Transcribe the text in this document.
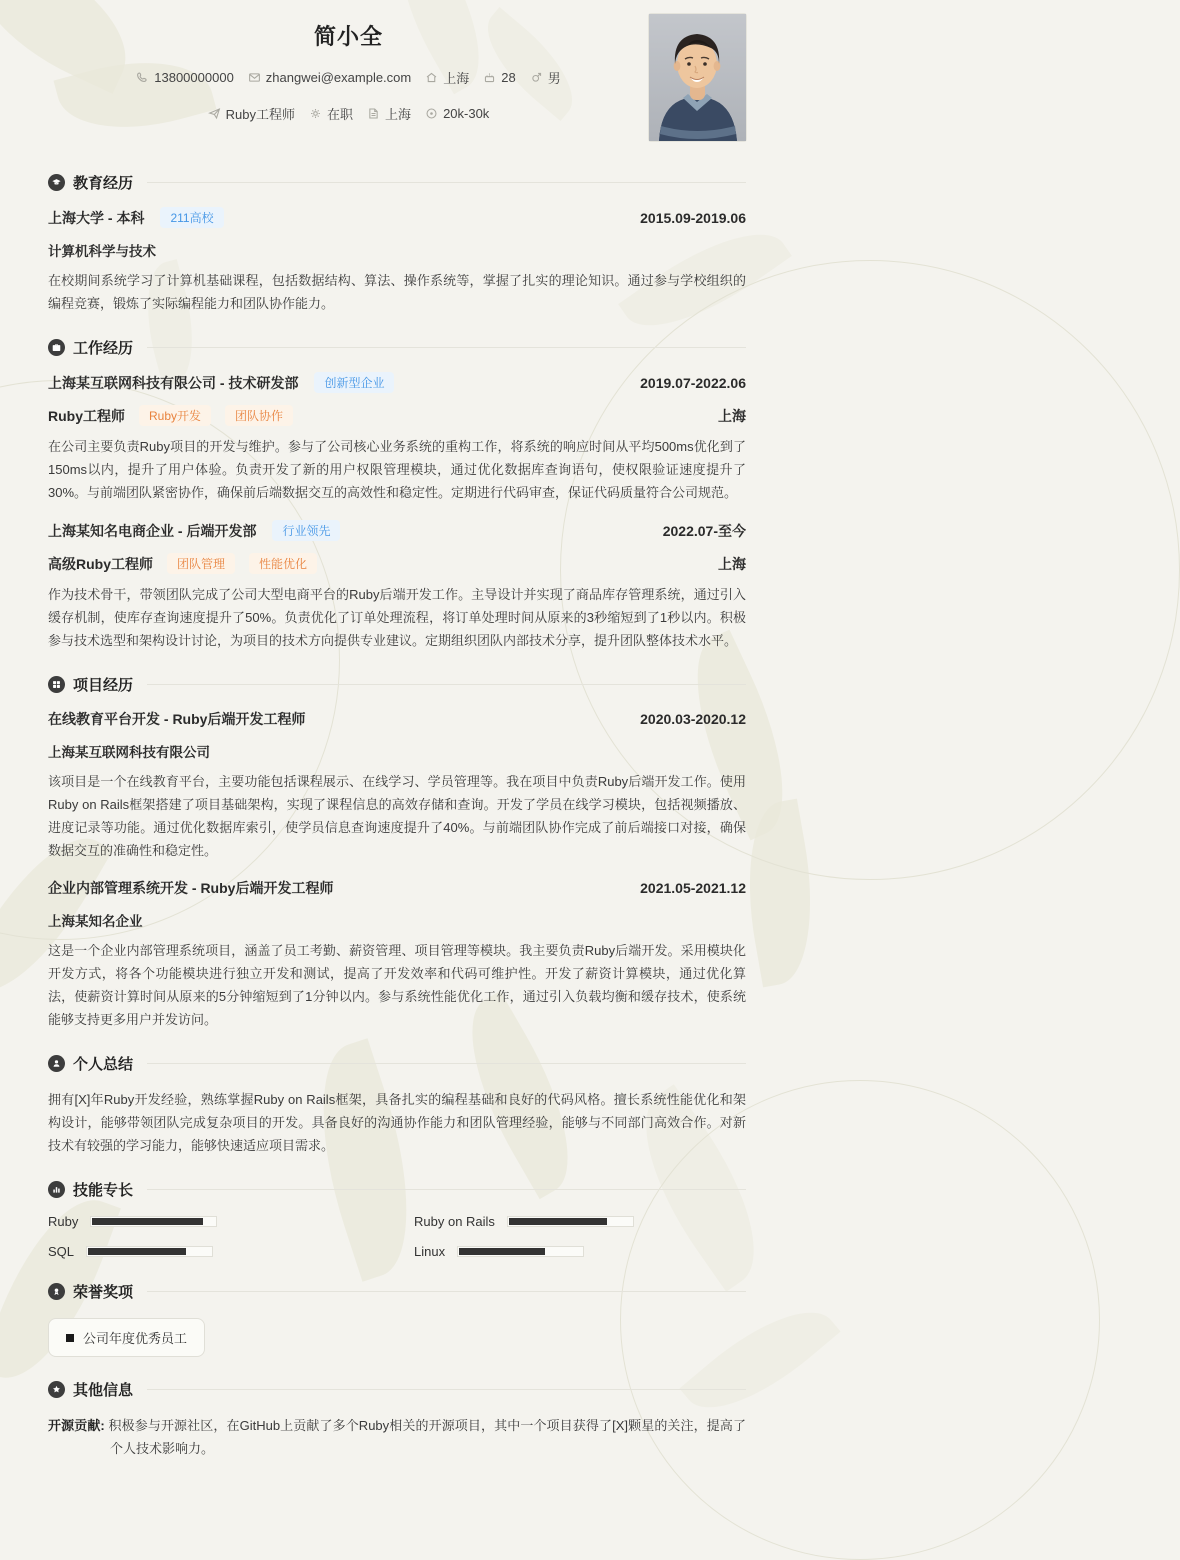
简小全
13800000000 zhangwei@example.com 上海 28 男
Ruby工程师 在职 上海 20k-30k
教育经历
上海大学 - 本科	211高校	2015.09-2019.06
计算机科学与技术

在校期间系统学习了计算机基础课程，包括数据结构、算法、操作系统等，掌握了扎实的理论知识。通过参与学校组织的编程竞赛，锻炼了实际编程能力和团队协作能力。

工作经历
上海某互联网科技有限公司 - 技术研发部	创新型企业	2019.07-2022.06
Ruby工程师	Ruby开发	团队协作	上海

在公司主要负责Ruby项目的开发与维护。参与了公司核心业务系统的重构工作，将系统的响应时间从平均500ms优化到了150ms以内，提升了用户体验。负责开发了新的用户权限管理模块，通过优化数据库查询语句，使权限验证速度提升了30%。与前端团队紧密协作，确保前后端数据交互的高效性和稳定性。定期进行代码审查，保证代码质量符合公司规范。

上海某知名电商企业 - 后端开发部	行业领先	2022.07-至今
高级Ruby工程师	团队管理	性能优化	上海

作为技术骨干，带领团队完成了公司大型电商平台的Ruby后端开发工作。主导设计并实现了商品库存管理系统，通过引入缓存机制，使库存查询速度提升了50%。负责优化了订单处理流程，将订单处理时间从原来的3秒缩短到了1秒以内。积极参与技术选型和架构设计讨论，为项目的技术方向提供专业建议。定期组织团队内部技术分享，提升团队整体技术水平。

项目经历
在线教育平台开发 - Ruby后端开发工程师	2020.03-2020.12
上海某互联网科技有限公司

该项目是一个在线教育平台，主要功能包括课程展示、在线学习、学员管理等。我在项目中负责Ruby后端开发工作。使用Ruby on Rails框架搭建了项目基础架构，实现了课程信息的高效存储和查询。开发了学员在线学习模块，包括视频播放、进度记录等功能。通过优化数据库索引，使学员信息查询速度提升了40%。与前端团队协作完成了前后端接口对接，确保数据交互的准确性和稳定性。

企业内部管理系统开发 - Ruby后端开发工程师	2021.05-2021.12
上海某知名企业

这是一个企业内部管理系统项目，涵盖了员工考勤、薪资管理、项目管理等模块。我主要负责Ruby后端开发。采用模块化开发方式，将各个功能模块进行独立开发和测试，提高了开发效率和代码可维护性。开发了薪资计算模块，通过优化算法，使薪资计算时间从原来的5分钟缩短到了1分钟以内。参与系统性能优化工作，通过引入负载均衡和缓存技术，使系统能够支持更多用户并发访问。

个人总结

拥有[X]年Ruby开发经验，熟练掌握Ruby on Rails框架，具备扎实的编程基础和良好的代码风格。擅长系统性能优化和架构设计，能够带领团队完成复杂项目的开发。具备良好的沟通协作能力和团队管理经验，能够与不同部门高效合作。对新技术有较强的学习能力，能够快速适应项目需求。

技能专长
Ruby	Ruby on Rails
SQL	Linux
荣誉奖项
公司年度优秀员工
其他信息

开源贡献: 积极参与开源社区，在GitHub上贡献了多个Ruby相关的开源项目，其中一个项目获得了[X]颗星的关注，提高了个人技术影响力。
